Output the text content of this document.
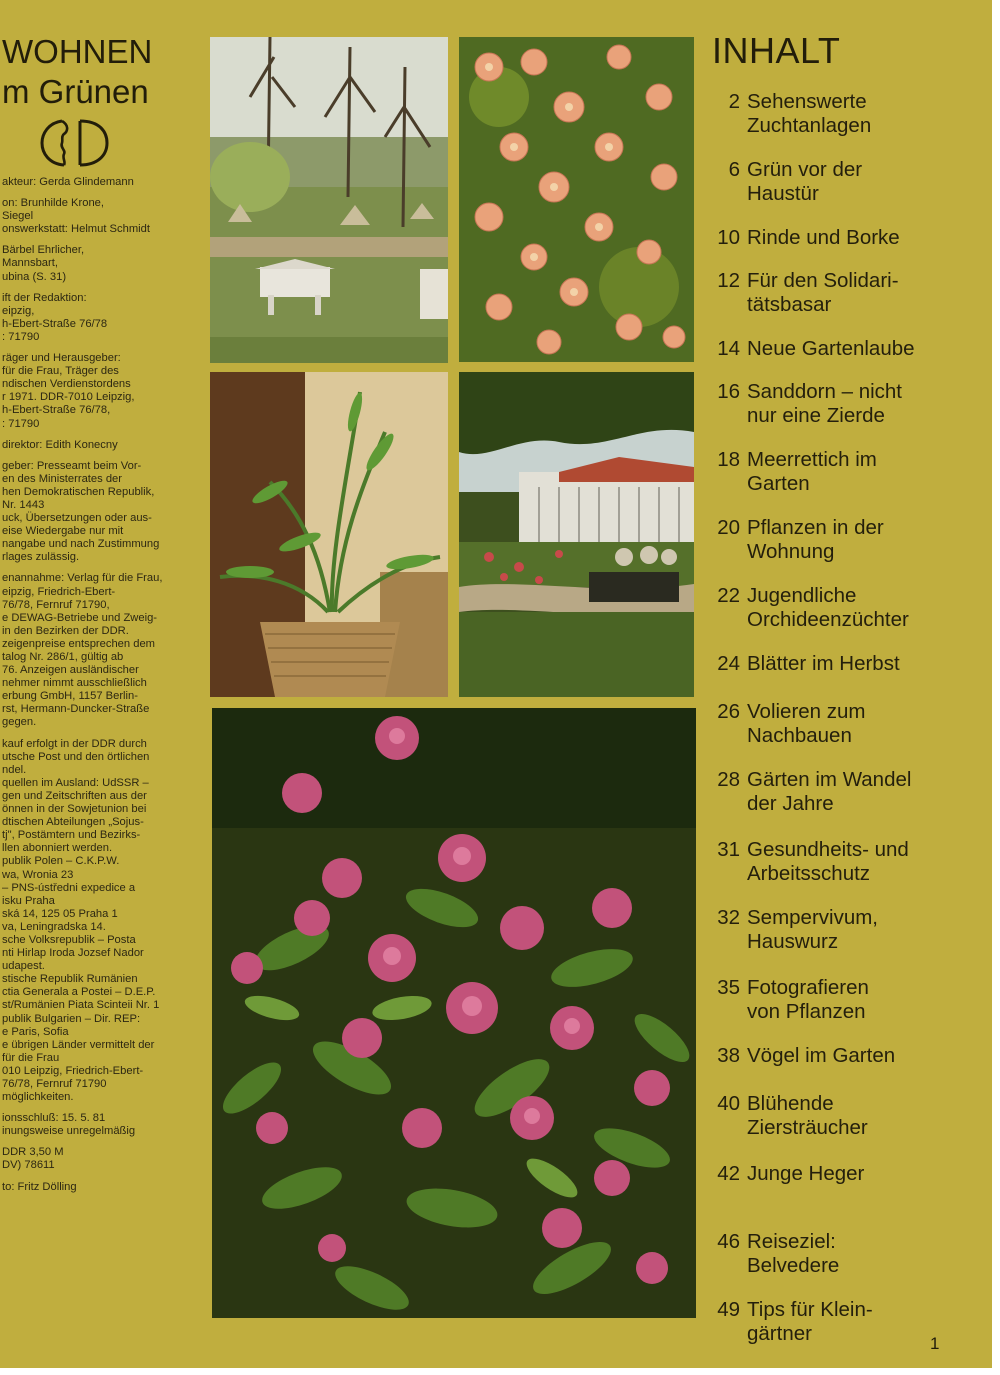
WOHNEN
m Grünen

akteur: Gerda Glindemann

on: Brunhilde Krone,
Siegel
onswerkstatt: Helmut Schmidt

Bärbel Ehrlicher,
Mannsbart,
ubina (S. 31)

ift der Redaktion:
eipzig,
h-Ebert-Straße 76/78
: 71790

räger und Herausgeber:
für die Frau, Träger des
ndischen Verdienstordens
r 1971. DDR-7010 Leipzig,
h-Ebert-Straße 76/78,
: 71790

direktor: Edith Konecny

geber: Presseamt beim Vor-
en des Ministerrates der
hen Demokratischen Republik,
Nr. 1443
uck, Übersetzungen oder aus-
eise Wiedergabe nur mit
nangabe und nach Zustimmung
rlages zulässig.

enannahme: Verlag für die Frau,
eipzig, Friedrich-Ebert-
76/78, Fernruf 71790,
e DEWAG-Betriebe und Zweig-
in den Bezirken der DDR.
zeigenpreise entsprechen dem
talog Nr. 286/1, gültig ab
76. Anzeigen ausländischer
nehmer nimmt ausschließlich
erbung GmbH, 1157 Berlin-
rst, Hermann-Duncker-Straße
gegen.

kauf erfolgt in der DDR durch
utsche Post und den örtlichen
ndel.
quellen im Ausland: UdSSR –
gen und Zeitschriften aus der
önnen in der Sowjetunion bei
dtischen Abteilungen „Sojus-
tj", Postämtern und Bezirks-
llen abonniert werden.
publik Polen – C.K.P.W.
wa, Wronia 23
– PNS-ústředni expedice a
isku Praha
ská 14, 125 05 Praha 1
va, Leningradska 14.
sche Volksrepublik – Posta
nti Hirlap Iroda Jozsef Nador
udapest.
stische Republik Rumänien
ctia Generala a Postei – D.E.P.
st/Rumänien Piata Scinteii Nr. 1
publik Bulgarien – Dir. REP:
e Paris, Sofia
e übrigen Länder vermittelt der
für die Frau
010 Leipzig, Friedrich-Ebert-
76/78, Fernruf 71790
möglichkeiten.

ionsschluß: 15. 5. 81
inungsweise unregelmäßig

DDR 3,50 M
DV) 78611

to: Fritz Dölling

INHALT
2 Sehenswerte
Zuchtanlagen
6 Grün vor der
Haustür
10 Rinde und Borke
12 Für den Solidari-
tätsbasar
14 Neue Gartenlaube
16 Sanddorn – nicht
nur eine Zierde
18 Meerrettich im
Garten
20 Pflanzen in der
Wohnung
22 Jugendliche
Orchideenzüchter
24 Blätter im Herbst
26 Volieren zum
Nachbauen
28 Gärten im Wandel
der Jahre
31 Gesundheits- und
Arbeitsschutz
32 Sempervivum,
Hauswurz
35 Fotografieren
von Pflanzen
38 Vögel im Garten
40 Blühende
Ziersträucher
42 Junge Heger
46 Reiseziel:
Belvedere
49 Tips für Klein-
gärtner	1
